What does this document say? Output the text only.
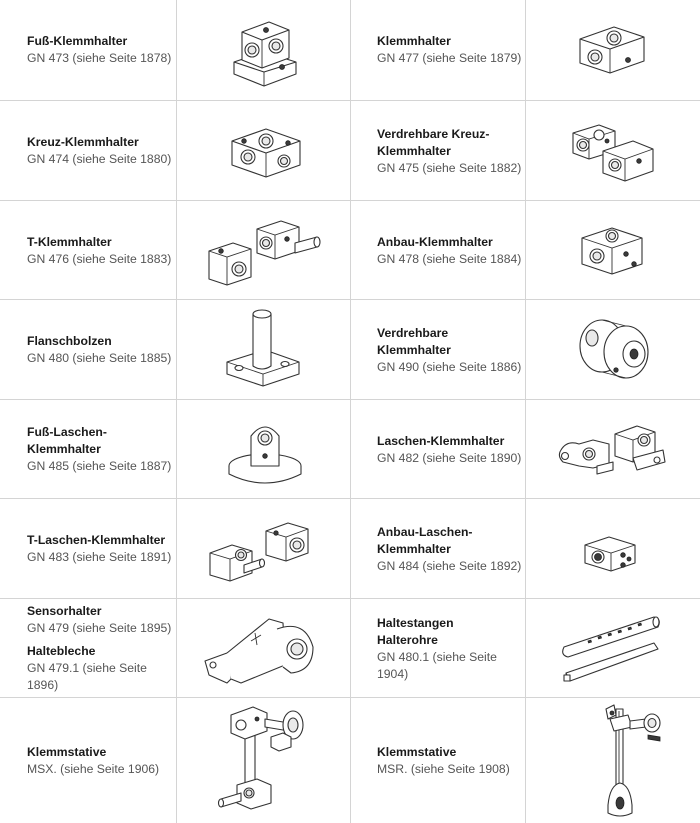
Fuß-Klemmhalter
GN 473 (siehe Seite 1878)
Klemmhalter
GN 477 (siehe Seite 1879)
Kreuz-Klemmhalter
GN 474 (siehe Seite 1880)
Verdrehbare Kreuz-
Klemmhalter
GN 475 (siehe Seite 1882)
T-Klemmhalter
GN 476 (siehe Seite 1883)
Anbau-Klemmhalter
GN 478 (siehe Seite 1884)
Flanschbolzen
GN 480 (siehe Seite 1885)
Verdrehbare Klemmhalter
GN 490 (siehe Seite 1886)
Fuß-Laschen-
Klemmhalter
GN 485 (siehe Seite 1887)
Laschen-Klemmhalter
GN 482 (siehe Seite 1890)
T-Laschen-Klemmhalter
GN 483 (siehe Seite 1891)
Anbau-Laschen-
Klemmhalter
GN 484 (siehe Seite 1892)
Sensorhalter
GN 479 (siehe Seite 1895)
Haltebleche
GN 479.1 (siehe Seite 1896)
Haltestangen
Halterohre
GN 480.1 (siehe Seite 1904)
Klemmstative
MSX. (siehe Seite 1906)
Klemmstative
MSR. (siehe Seite 1908)
